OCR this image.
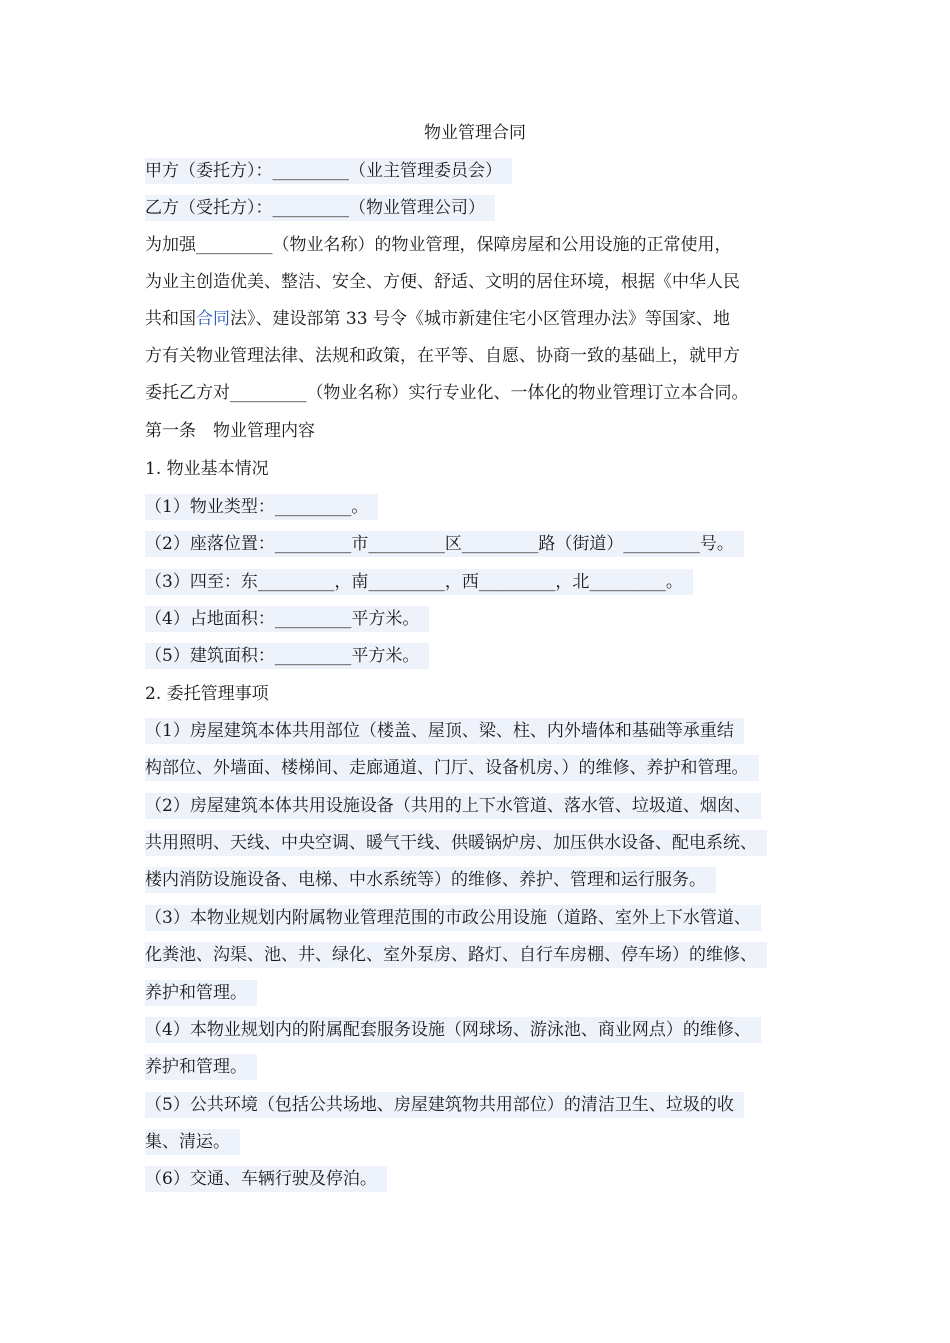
物业管理合同
甲方（委托方）：_________（业主管理委员会）
乙方（受托方）：_________（物业管理公司）
为加强_________（物业名称）的物业管理，保障房屋和公用设施的正常使用，
为业主创造优美、整洁、安全、方便、舒适、文明的居住环境，根据《中华人民
共和国合同法》、建设部第 33 号令《城市新建住宅小区管理办法》等国家、地
方有关物业管理法律、法规和政策，在平等、自愿、协商一致的基础上，就甲方
委托乙方对_________（物业名称）实行专业化、一体化的物业管理订立本合同。
第一条　物业管理内容
1. 物业基本情况
（1）物业类型：_________。
（2）座落位置：_________市_________区_________路（街道）_________号。
（3）四至：东_________，南_________，西_________，北_________。
（4）占地面积：_________平方米。
（5）建筑面积：_________平方米。
2. 委托管理事项
（1）房屋建筑本体共用部位（楼盖、屋顶、梁、柱、内外墙体和基础等承重结
构部位、外墙面、楼梯间、走廊通道、门厅、设备机房、）的维修、养护和管理。
（2）房屋建筑本体共用设施设备（共用的上下水管道、落水管、垃圾道、烟囱、
共用照明、天线、中央空调、暖气干线、供暖锅炉房、加压供水设备、配电系统、
楼内消防设施设备、电梯、中水系统等）的维修、养护、管理和运行服务。
（3）本物业规划内附属物业管理范围的市政公用设施（道路、室外上下水管道、
化粪池、沟渠、池、井、绿化、室外泵房、路灯、自行车房棚、停车场）的维修、
养护和管理。
（4）本物业规划内的附属配套服务设施（网球场、游泳池、商业网点）的维修、
养护和管理。
（5）公共环境（包括公共场地、房屋建筑物共用部位）的清洁卫生、垃圾的收
集、清运。
（6）交通、车辆行驶及停泊。
